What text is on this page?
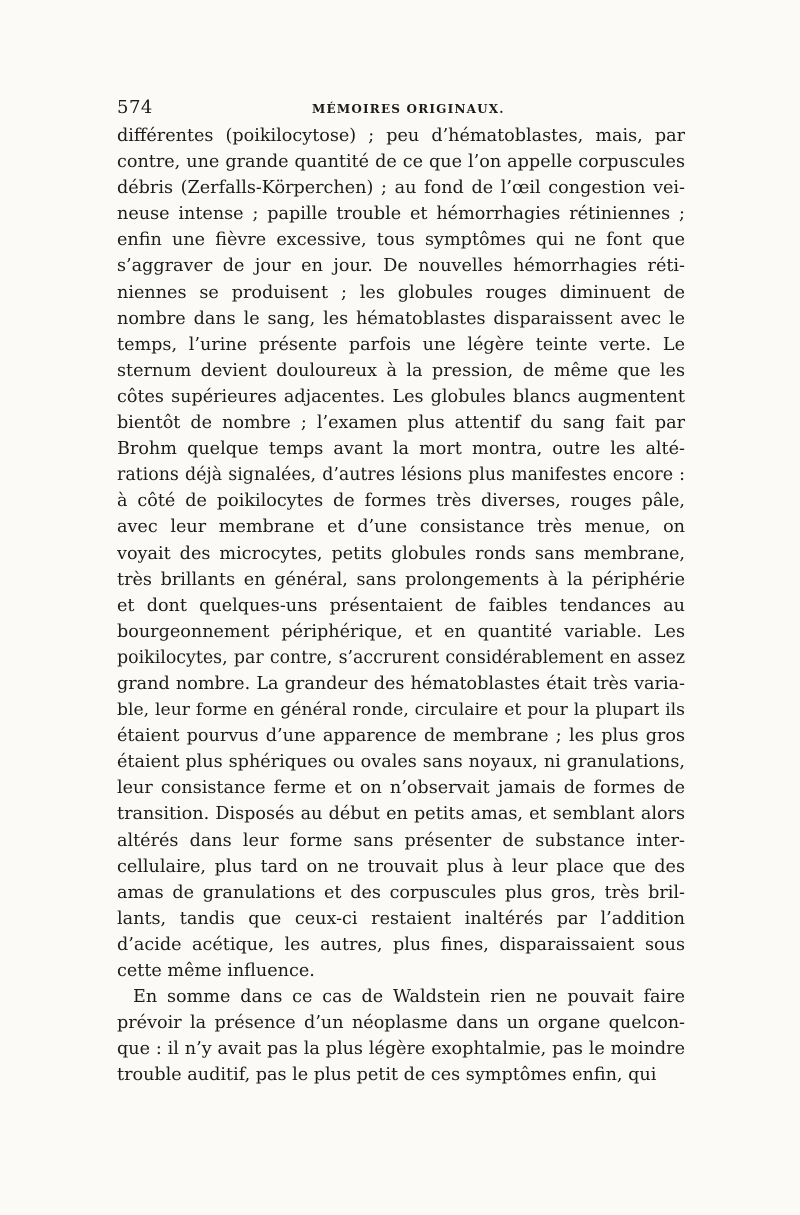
574	MÉMOIRES ORIGINAUX.
différentes (poikilocytose) ; peu d’hématoblastes, mais, par
contre, une grande quantité de ce que l’on appelle corpuscules
débris (Zerfalls-Körperchen) ; au fond de l’œil congestion vei-
neuse intense ; papille trouble et hémorrhagies rétiniennes ;
enfin une fièvre excessive, tous symptômes qui ne font que
s’aggraver de jour en jour. De nouvelles hémorrhagies réti-
niennes se produisent ; les globules rouges diminuent de
nombre dans le sang, les hématoblastes disparaissent avec le
temps, l’urine présente parfois une légère teinte verte. Le
sternum devient douloureux à la pression, de même que les
côtes supérieures adjacentes. Les globules blancs augmentent
bientôt de nombre ; l’examen plus attentif du sang fait par
Brohm quelque temps avant la mort montra, outre les alté-
rations déjà signalées, d’autres lésions plus manifestes encore :
à côté de poikilocytes de formes très diverses, rouges pâle,
avec leur membrane et d’une consistance très menue, on
voyait des microcytes, petits globules ronds sans membrane,
très brillants en général, sans prolongements à la périphérie
et dont quelques-uns présentaient de faibles tendances au
bourgeonnement périphérique, et en quantité variable. Les
poikilocytes, par contre, s’accrurent considérablement en assez
grand nombre. La grandeur des hématoblastes était très varia-
ble, leur forme en général ronde, circulaire et pour la plupart ils
étaient pourvus d’une apparence de membrane ; les plus gros
étaient plus sphériques ou ovales sans noyaux, ni granulations,
leur consistance ferme et on n’observait jamais de formes de
transition. Disposés au début en petits amas, et semblant alors
altérés dans leur forme sans présenter de substance inter-
cellulaire, plus tard on ne trouvait plus à leur place que des
amas de granulations et des corpuscules plus gros, très bril-
lants, tandis que ceux-ci restaient inaltérés par l’addition
d’acide acétique, les autres, plus fines, disparaissaient sous
cette même influence.
En somme dans ce cas de Waldstein rien ne pouvait faire
prévoir la présence d’un néoplasme dans un organe quelcon-
que : il n’y avait pas la plus légère exophtalmie, pas le moindre
trouble auditif, pas le plus petit de ces symptômes enfin, qui
